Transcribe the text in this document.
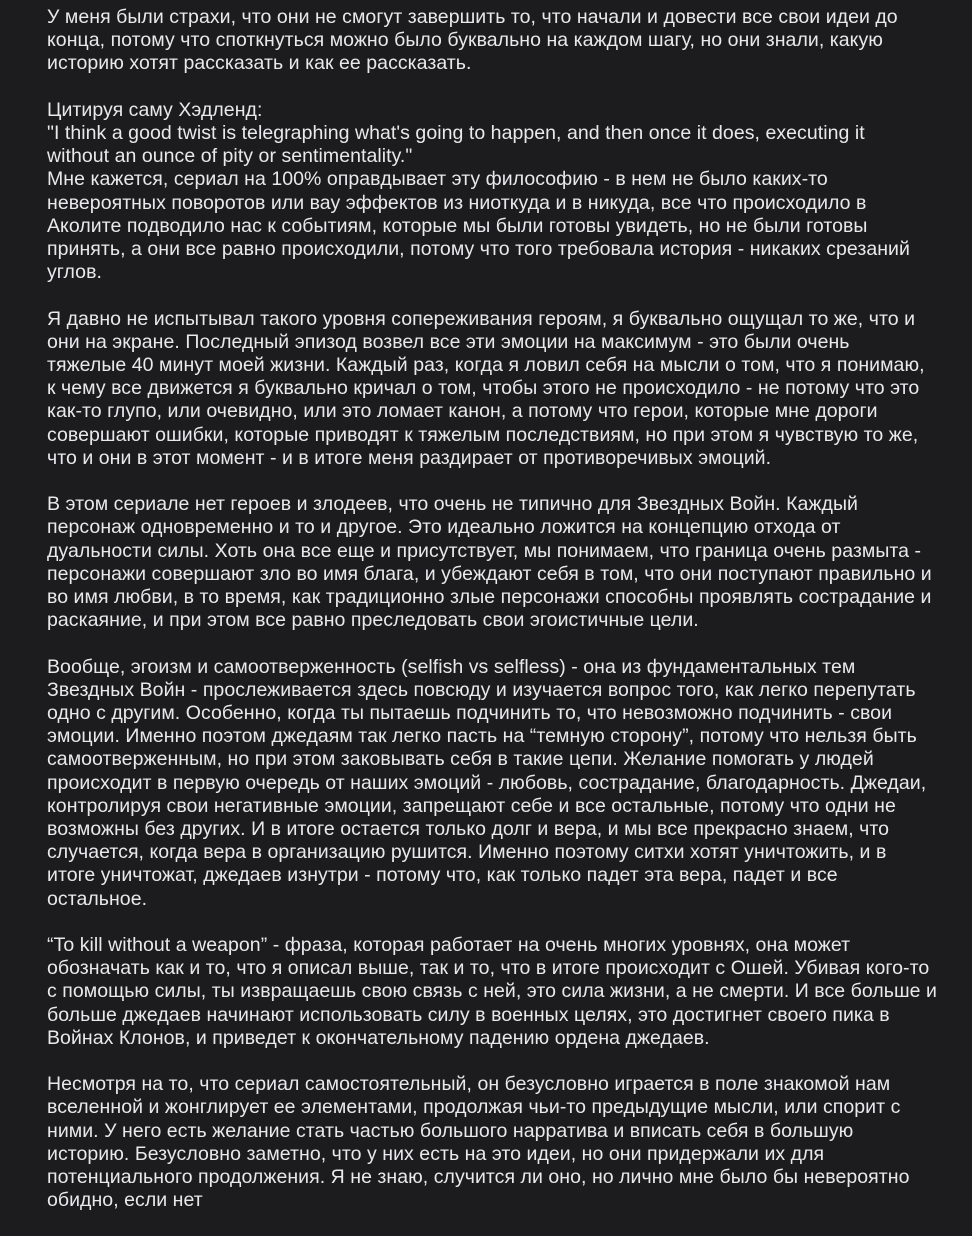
У меня были страхи, что они не смогут завершить то, что начали и довести все свои идеи до
конца, потому что споткнуться можно было буквально на каждом шагу, но они знали, какую
историю хотят рассказать и как ее рассказать.
Цитируя саму Хэдленд:
"I think a good twist is telegraphing what's going to happen, and then once it does, executing it
without an ounce of pity or sentimentality."
Мне кажется, сериал на 100% оправдывает эту философию - в нем не было каких-то
невероятных поворотов или вау эффектов из ниоткуда и в никуда, все что происходило в
Аколите подводило нас к событиям, которые мы были готовы увидеть, но не были готовы
принять, а они все равно происходили, потому что того требовала история - никаких срезаний
углов.
Я давно не испытывал такого уровня сопереживания героям, я буквально ощущал то же, что и
они на экране. Последный эпизод возвел все эти эмоции на максимум - это были очень
тяжелые 40 минут моей жизни. Каждый раз, когда я ловил себя на мысли о том, что я понимаю,
к чему все движется я буквально кричал о том, чтобы этого не происходило - не потому что это
как-то глупо, или очевидно, или это ломает канон, а потому что герои, которые мне дороги
совершают ошибки, которые приводят к тяжелым последствиям, но при этом я чувствую то же,
что и они в этот момент - и в итоге меня раздирает от противоречивых эмоций.
В этом сериале нет героев и злодеев, что очень не типично для Звездных Войн. Каждый
персонаж одновременно и то и другое. Это идеально ложится на концепцию отхода от
дуальности силы. Хоть она все еще и присутствует, мы понимаем, что граница очень размыта -
персонажи совершают зло во имя блага, и убеждают себя в том, что они поступают правильно и
во имя любви, в то время, как традиционно злые персонажи способны проявлять сострадание и
раскаяние, и при этом все равно преследовать свои эгоистичные цели.
Вообще, эгоизм и самоотверженность (selfish vs selfless) - она из фундаментальных тем
Звездных Войн - прослеживается здесь повсюду и изучается вопрос того, как легко перепутать
одно с другим. Особенно, когда ты пытаешь подчинить то, что невозможно подчинить - свои
эмоции. Именно поэтом джедаям так легко пасть на “темную сторону”, потому что нельзя быть
самоотверженным, но при этом заковывать себя в такие цепи. Желание помогать у людей
происходит в первую очередь от наших эмоций - любовь, сострадание, благодарность. Джедаи,
контролируя свои негативные эмоции, запрещают себе и все остальные, потому что одни не
возможны без других. И в итоге остается только долг и вера, и мы все прекрасно знаем, что
случается, когда вера в организацию рушится. Именно поэтому ситхи хотят уничтожить, и в
итоге уничтожат, джедаев изнутри - потому что, как только падет эта вера, падет и все
остальное.
“To kill without a weapon” - фраза, которая работает на очень многих уровнях, она может
обозначать как и то, что я описал выше, так и то, что в итоге происходит с Ошей. Убивая кого-то
с помощью силы, ты извращаешь свою связь с ней, это сила жизни, а не смерти. И все больше и
больше джедаев начинают использовать силу в военных целях, это достигнет своего пика в
Войнах Клонов, и приведет к окончательному падению ордена джедаев.
Несмотря на то, что сериал самостоятельный, он безусловно играется в поле знакомой нам
вселенной и жонглирует ее элементами, продолжая чьи-то предыдущие мысли, или спорит с
ними. У него есть желание стать частью большого нарратива и вписать себя в большую
историю. Безусловно заметно, что у них есть на это идеи, но они придержали их для
потенциального продолжения. Я не знаю, случится ли оно, но лично мне было бы невероятно
обидно, если нет
